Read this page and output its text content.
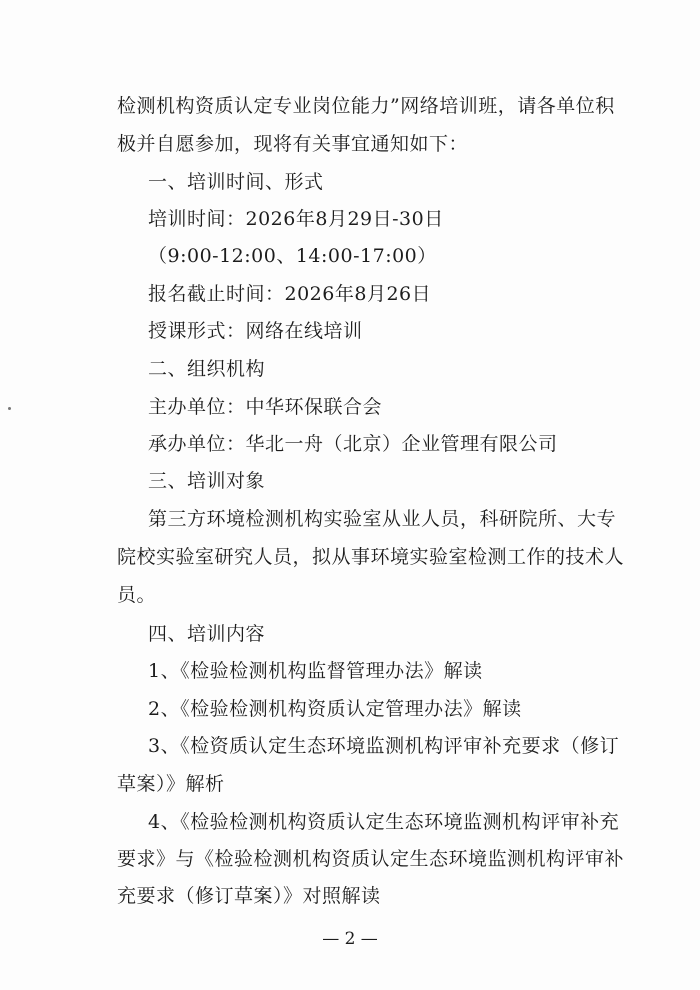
检测机构资质认定专业岗位能力”网络培训班，请各单位积
极并自愿参加，现将有关事宜通知如下：
一、培训时间、形式
培训时间：2026年8月29日-30日
（9:00-12:00、14:00-17:00）
报名截止时间：2026年8月26日
授课形式：网络在线培训
二、组织机构
主办单位：中华环保联合会
承办单位：华北一舟（北京）企业管理有限公司
三、培训对象
第三方环境检测机构实验室从业人员，科研院所、大专
院校实验室研究人员，拟从事环境实验室检测工作的技术人
员。
四、培训内容
1、《检验检测机构监督管理办法》解读
2、《检验检测机构资质认定管理办法》解读
3、《检资质认定生态环境监测机构评审补充要求（修订
草案）》解析
4、《检验检测机构资质认定生态环境监测机构评审补充
要求》与《检验检测机构资质认定生态环境监测机构评审补
充要求（修订草案）》对照解读
— 2 —
